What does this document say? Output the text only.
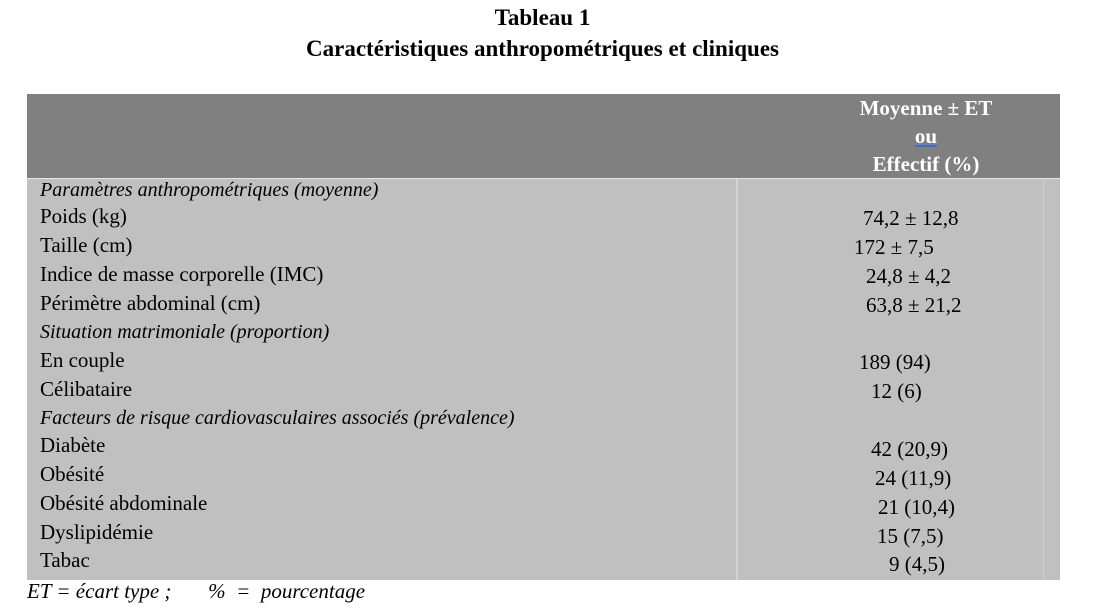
Tableau 1
Caractéristiques anthropométriques et cliniques
Moyenne ± ET
ou
Effectif (%)
Paramètres anthropométriques (moyenne)
Poids (kg)	74,2 ± 12,8
Taille (cm)	172 ± 7,5
Indice de masse corporelle (IMC)	24,8 ± 4,2
Périmètre abdominal (cm)	63,8 ± 21,2
Situation matrimoniale (proportion)
En couple	189 (94)
Célibataire	12 (6)
Facteurs de risque cardiovasculaires associés (prévalence)
Diabète	42 (20,9)
Obésité	24 (11,9)
Obésité abdominale	21 (10,4)
Dyslipidémie	15 (7,5)
Tabac	9 (4,5)
ET = écart type ;       %  =  pourcentage
